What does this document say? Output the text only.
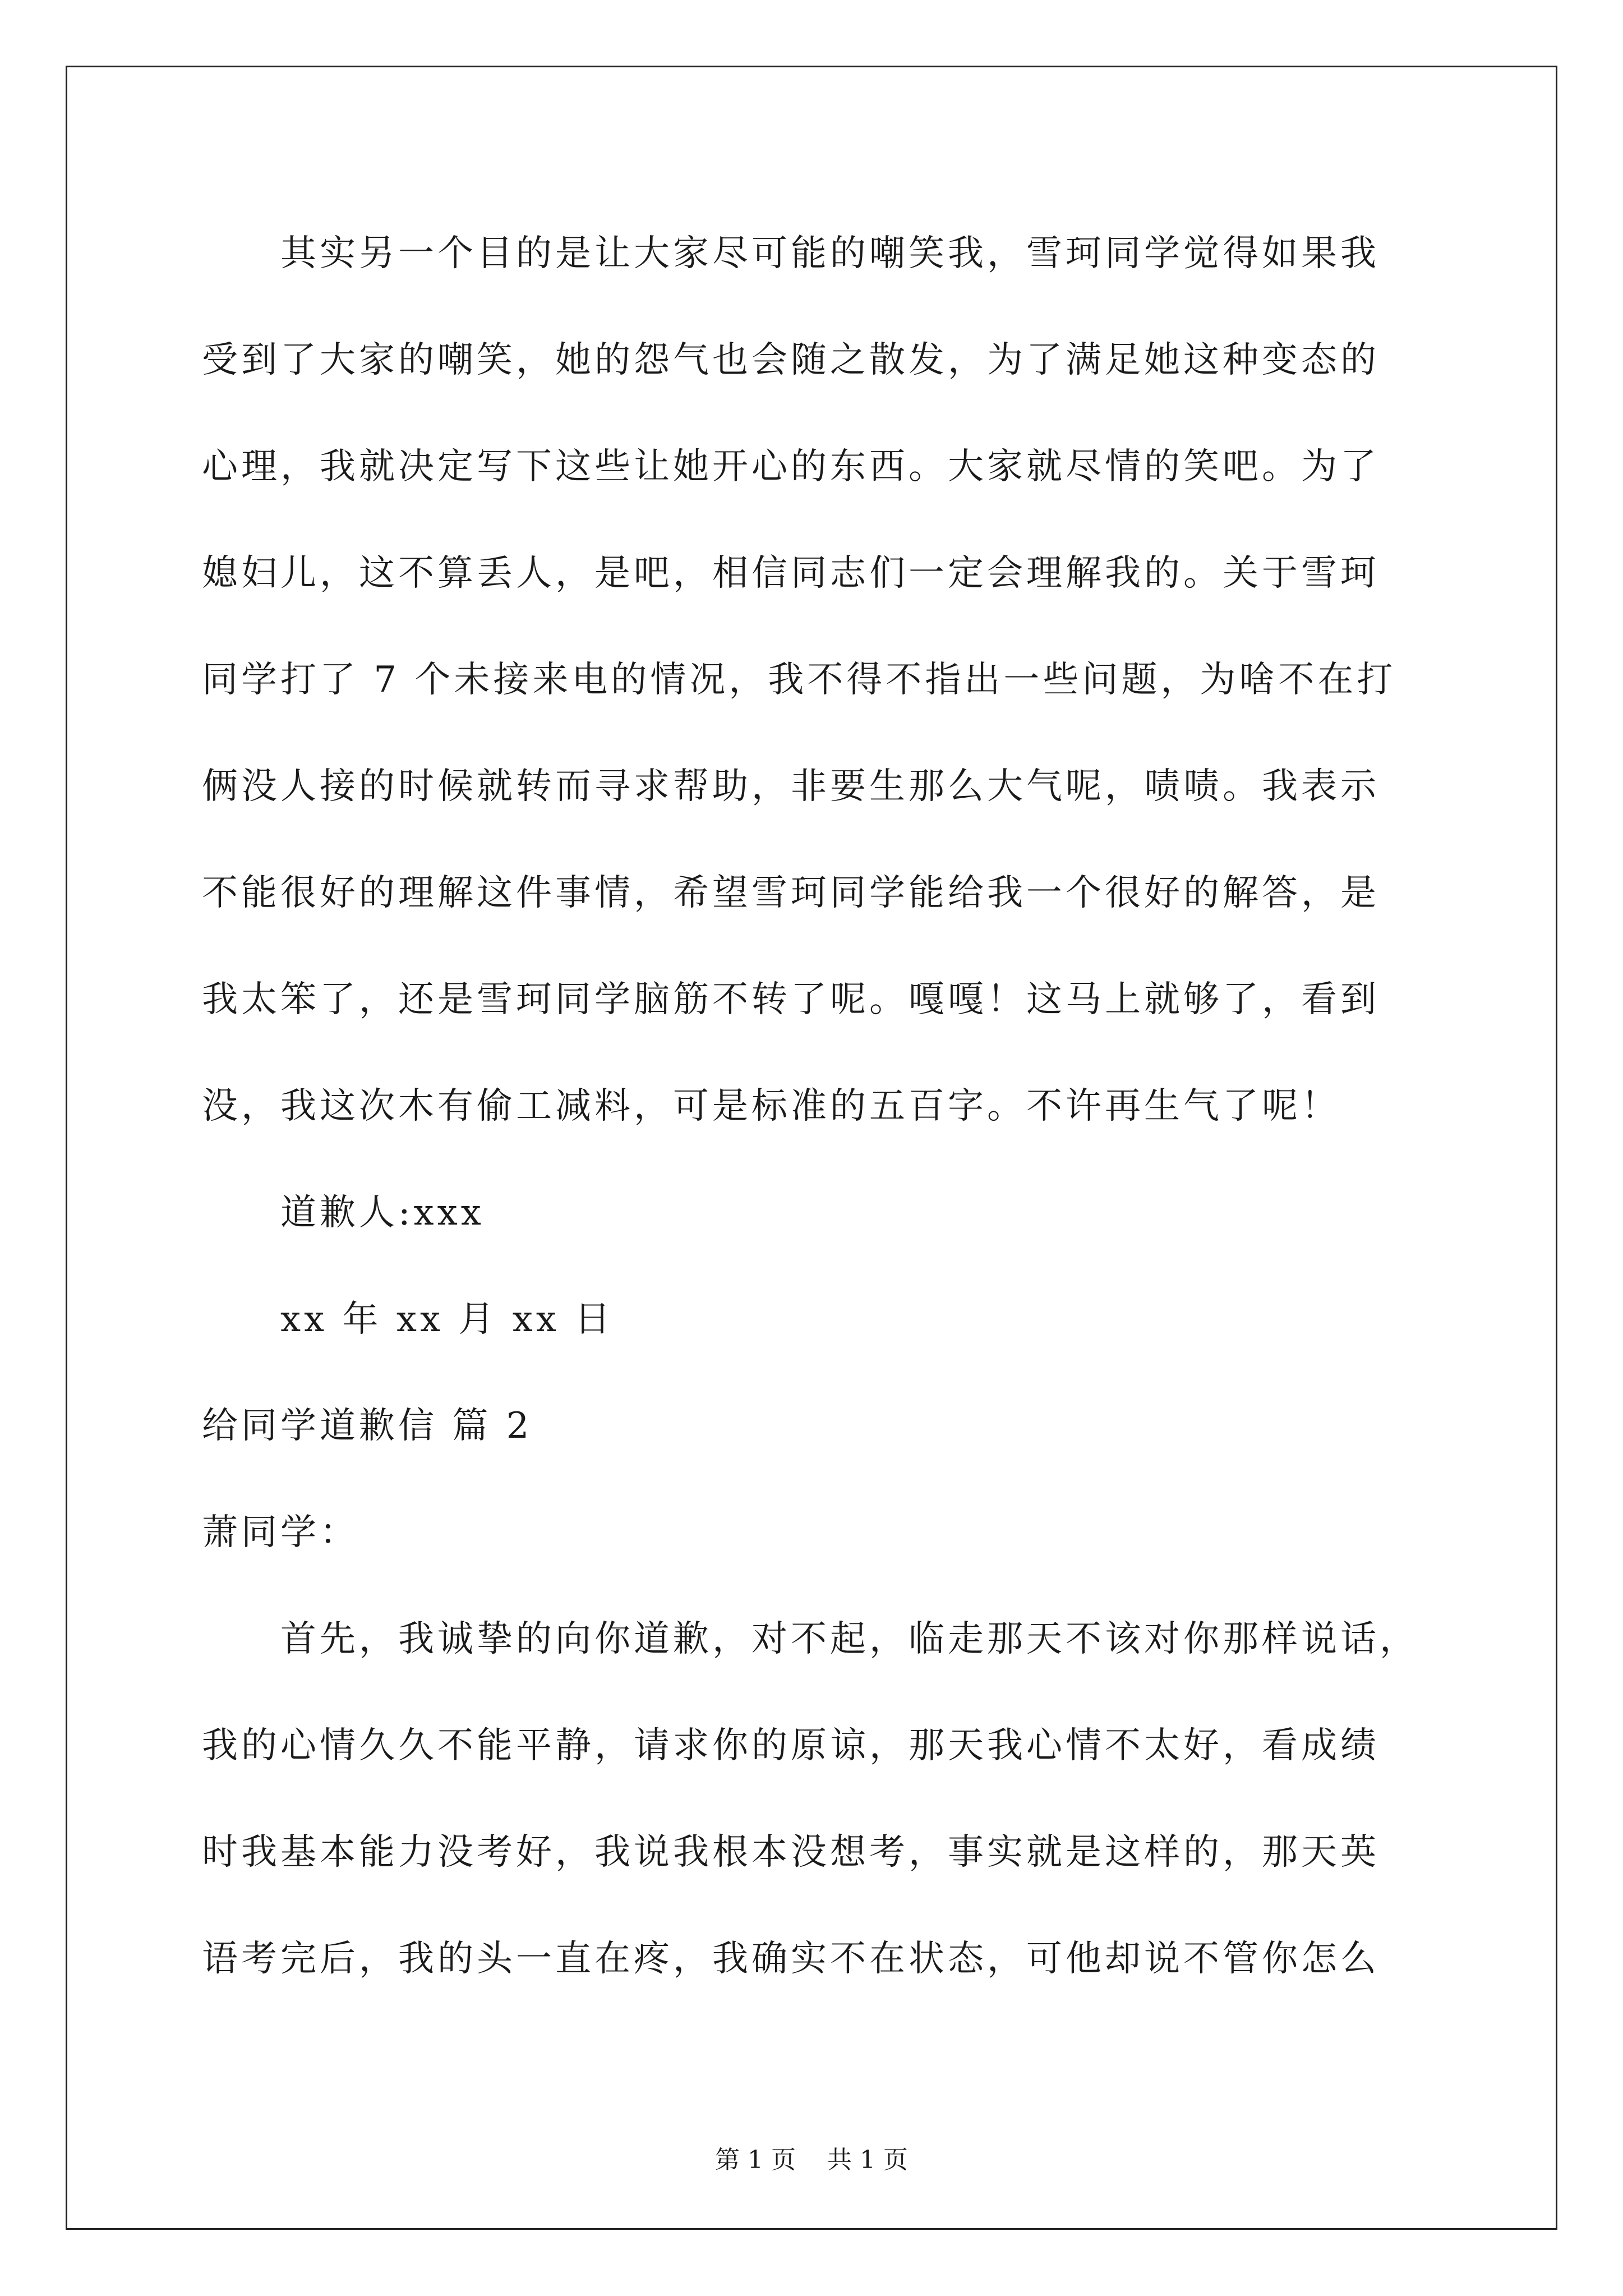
其实另一个目的是让大家尽可能的嘲笑我，雪珂同学觉得如果我
受到了大家的嘲笑，她的怨气也会随之散发，为了满足她这种变态的
心理，我就决定写下这些让她开心的东西。大家就尽情的笑吧。为了
媳妇儿，这不算丢人，是吧，相信同志们一定会理解我的。关于雪珂
同学打了 7 个未接来电的情况，我不得不指出一些问题，为啥不在打
俩没人接的时候就转而寻求帮助，非要生那么大气呢，啧啧。我表示
不能很好的理解这件事情，希望雪珂同学能给我一个很好的解答，是
我太笨了，还是雪珂同学脑筋不转了呢。嘎嘎！这马上就够了，看到
没，我这次木有偷工减料，可是标准的五百字。不许再生气了呢！
道歉人:xxx
xx 年 xx 月 xx 日
给同学道歉信 篇 2
萧同学：
首先，我诚挚的向你道歉，对不起，临走那天不该对你那样说话，
我的心情久久不能平静，请求你的原谅，那天我心情不太好，看成绩
时我基本能力没考好，我说我根本没想考，事实就是这样的，那天英
语考完后，我的头一直在疼，我确实不在状态，可他却说不管你怎么
第 1 页    共 1 页
